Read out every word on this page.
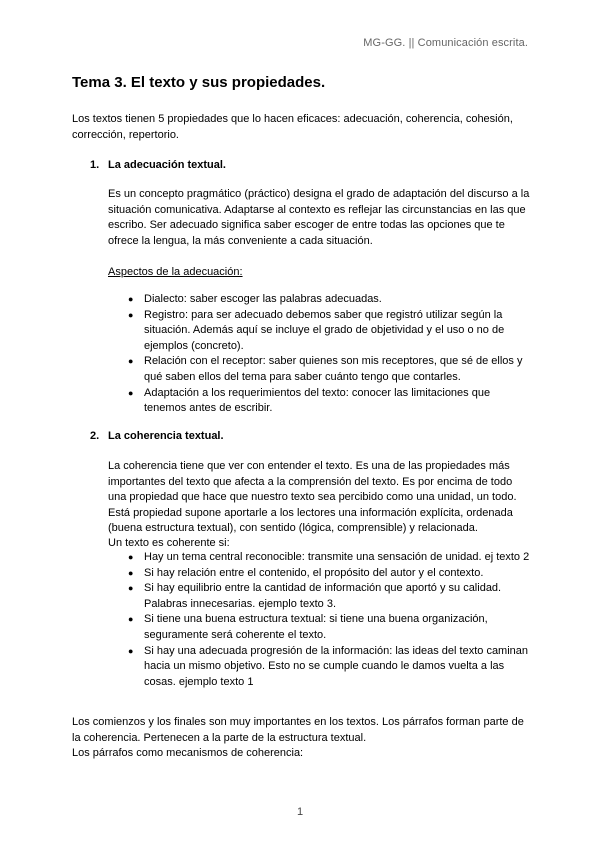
MG-GG. || Comunicación escrita.
Tema 3. El texto y sus propiedades.

Los textos tienen 5 propiedades que lo hacen eficaces: adecuación, coherencia, cohesión, corrección, repertorio.

1. La adecuación textual.

Es un concepto pragmático (práctico) designa el grado de adaptación del discurso a la situación comunicativa. Adaptarse al contexto es reflejar las circunstancias en las que escribo. Ser adecuado significa saber escoger de entre todas las opciones que te ofrece la lengua, la más conveniente a cada situación.

Aspectos de la adecuación:

● Dialecto: saber escoger las palabras adecuadas.
● Registro: para ser adecuado debemos saber que registró utilizar según la situación. Además aquí se incluye el grado de objetividad y el uso o no de ejemplos (concreto).
● Relación con el receptor: saber quienes son mis receptores, que sé de ellos y qué saben ellos del tema para saber cuánto tengo que contarles.
● Adaptación a los requerimientos del texto: conocer las limitaciones que tenemos antes de escribir.
2. La coherencia textual.

La coherencia tiene que ver con entender el texto. Es una de las propiedades más importantes del texto que afecta a la comprensión del texto. Es por encima de todo una propiedad que hace que nuestro texto sea percibido como una unidad, un todo. Está propiedad supone aportarle a los lectores una información explícita, ordenada (buena estructura textual), con sentido (lógica, comprensible) y relacionada.

Un texto es coherente si:

● Hay un tema central reconocible: transmite una sensación de unidad. ej texto 2
● Si hay relación entre el contenido, el propósito del autor y el contexto.
● Si hay equilibrio entre la cantidad de información que aportó y su calidad. Palabras innecesarias. ejemplo texto 3.
● Si tiene una buena estructura textual: si tiene una buena organización, seguramente será coherente el texto.
● Si hay una adecuada progresión de la información: las ideas del texto caminan hacia un mismo objetivo. Esto no se cumple cuando le damos vuelta a las cosas. ejemplo texto 1

Los comienzos y los finales son muy importantes en los textos. Los párrafos forman parte de la coherencia. Pertenecen a la parte de la estructura textual.

Los párrafos como mecanismos de coherencia:

1
